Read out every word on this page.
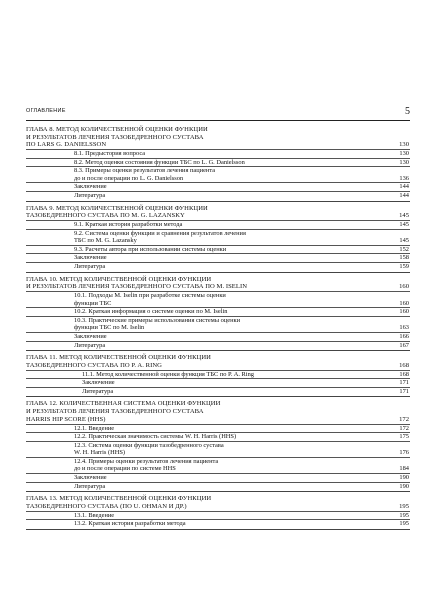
ОГЛАВЛЕНИЕ	5
ГЛАВА 8. МЕТОД КОЛИЧЕСТВЕННОЙ ОЦЕНКИ ФУНКЦИИ
И РЕЗУЛЬТАТОВ ЛЕЧЕНИЯ ТАЗОБЕДРЕННОГО СУСТАВА
ПО LARS G. DANIELSSON	130
8.1. Предыстория вопроса	130
8.2. Метод оценки состояния функции ТБС по L. G. Danielsson	130
8.3. Примеры оценки результатов лечения пациента
до и после операции по L. G. Danielsson	136
Заключение	144
Литература	144
ГЛАВА 9. МЕТОД КОЛИЧЕСТВЕННОЙ ОЦЕНКИ ФУНКЦИИ
ТАЗОБЕДРЕННОГО СУСТАВА ПО M. G. LAZANSKY	145
9.1. Краткая история разработки метода	145
9.2. Система оценки функции и сравнения результатов лечения
ТБС по M. G. Lazansky	145
9.3. Расчеты автора при использовании системы оценки	152
Заключение	158
Литература	159
ГЛАВА 10. МЕТОД КОЛИЧЕСТВЕННОЙ ОЦЕНКИ ФУНКЦИИ
И РЕЗУЛЬТАТОВ ЛЕЧЕНИЯ ТАЗОБЕДРЕННОГО СУСТАВА ПО M. ISELIN	160
10.1. Подходы M. Iselin при разработке системы оценки
функции ТБС	160
10.2. Краткая информация о системе оценки по M. Iselin	160
10.3. Практические примеры использования системы оценки
функции ТБС по M. Iselin	163
Заключение	166
Литература	167
ГЛАВА 11. МЕТОД КОЛИЧЕСТВЕННОЙ ОЦЕНКИ ФУНКЦИИ
ТАЗОБЕДРЕННОГО СУСТАВА ПО P. A. RING	168
11.1. Метод количественной оценки функция ТБС по P. A. Ring	168
Заключение	171
Литература	171
ГЛАВА 12. КОЛИЧЕСТВЕННАЯ СИСТЕМА ОЦЕНКИ ФУНКЦИИ
И РЕЗУЛЬТАТОВ ЛЕЧЕНИЯ ТАЗОБЕДРЕННОГО СУСТАВА
HARRIS HIP SCORE (HHS)	172
12.1. Введение	172
12.2. Практическая значимость системы W. H. Harris (HHS)	175
12.3. Система оценки функции тазобедренного сустава
W. H. Harris (HHS)	176
12.4. Примеры оценки результатов лечения пациента
до и после операции по системе HHS	184
Заключение	190
Литература	190
ГЛАВА 13. МЕТОД КОЛИЧЕСТВЕННОЙ ОЦЕНКИ ФУНКЦИИ
ТАЗОБЕДРЕННОГО СУСТАВА (ПО U. OHMAN И ДР.)	195
13.1. Введение	195
13.2. Краткая история разработки метода	195
